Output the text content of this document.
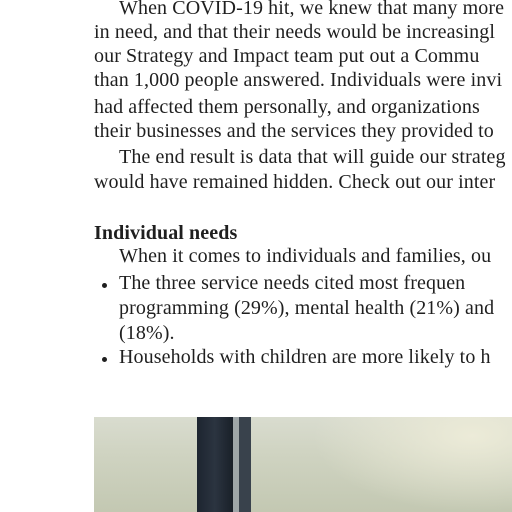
When COVID-19 hit, we knew that many more
in need, and that their needs would be increasingl
our Strategy and Impact team put out a Commu
than 1,000 people answered. Individuals were invi
had affected them personally, and organizations
their businesses and the services they provided to
The end result is data that will guide our strateg
would have remained hidden. Check out our inter
Individual needs
When it comes to individuals and families, ou
The three service needs cited most frequen
programming (29%), mental health (21%) and
(18%).
Households with children are more likely to h
